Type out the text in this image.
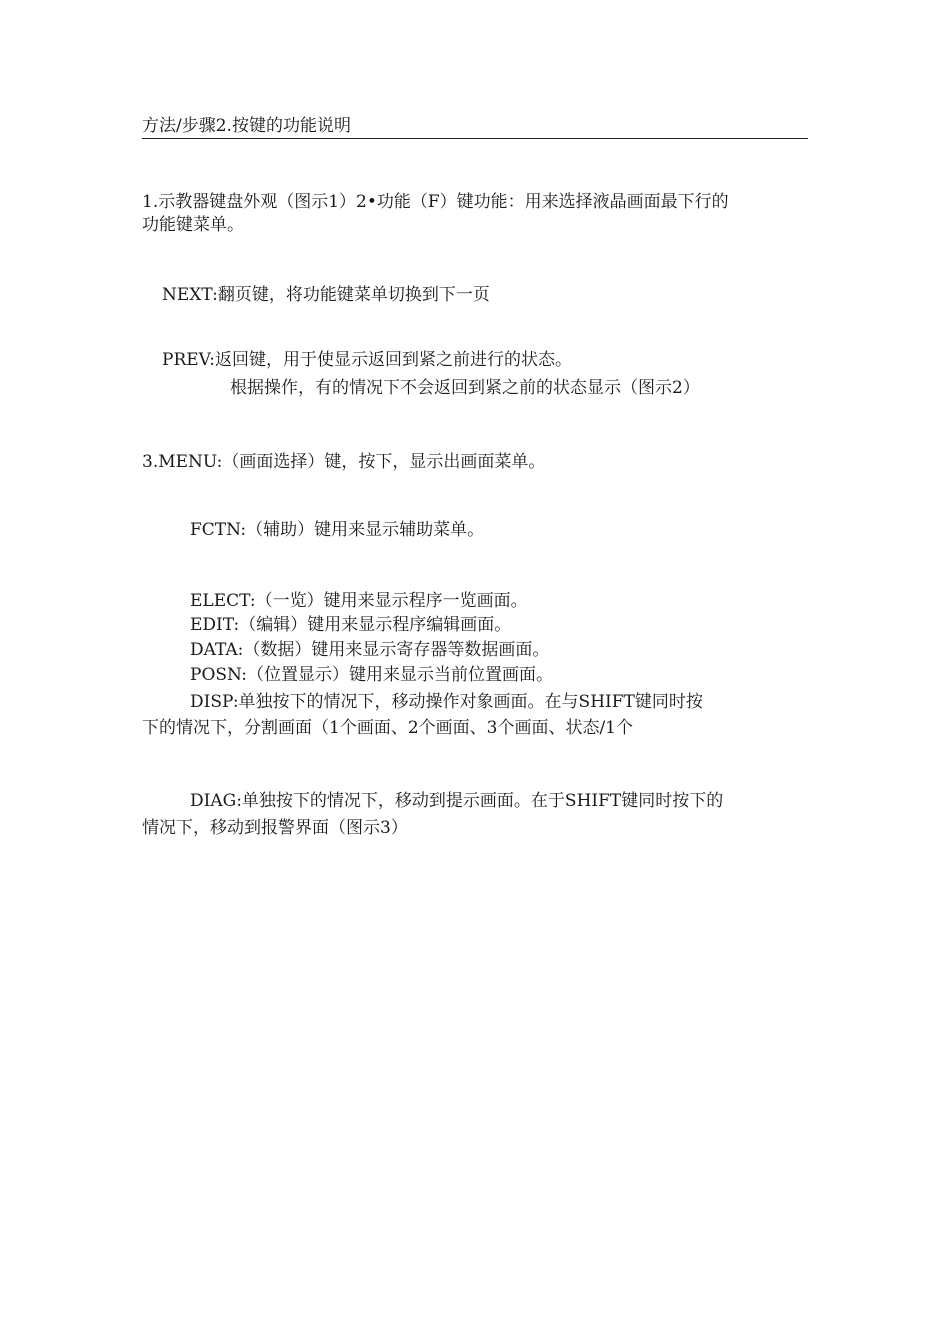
方法/步骤2.按键的功能说明
1.示教器键盘外观（图示1）2•功能（F）键功能：用来选择液晶画面最下行的
功能键菜单。
NEXT:翻页键，将功能键菜单切换到下一页
PREV:返回键，用于使显示返回到紧之前进行的状态。
根据操作，有的情况下不会返回到紧之前的状态显示（图示2）
3.MENU:（画面选择）键，按下，显示出画面菜单。
FCTN:（辅助）键用来显示辅助菜单。
ELECT:（一览）键用来显示程序一览画面。
EDIT:（编辑）键用来显示程序编辑画面。
DATA:（数据）键用来显示寄存器等数据画面。
POSN:（位置显示）键用来显示当前位置画面。
DISP:单独按下的情况下，移动操作对象画面。在与SHIFT键同时按
下的情况下，分割画面（1个画面、2个画面、3个画面、状态/1个
DIAG:单独按下的情况下，移动到提示画面。在于SHIFT键同时按下的
情况下，移动到报警界面（图示3）
